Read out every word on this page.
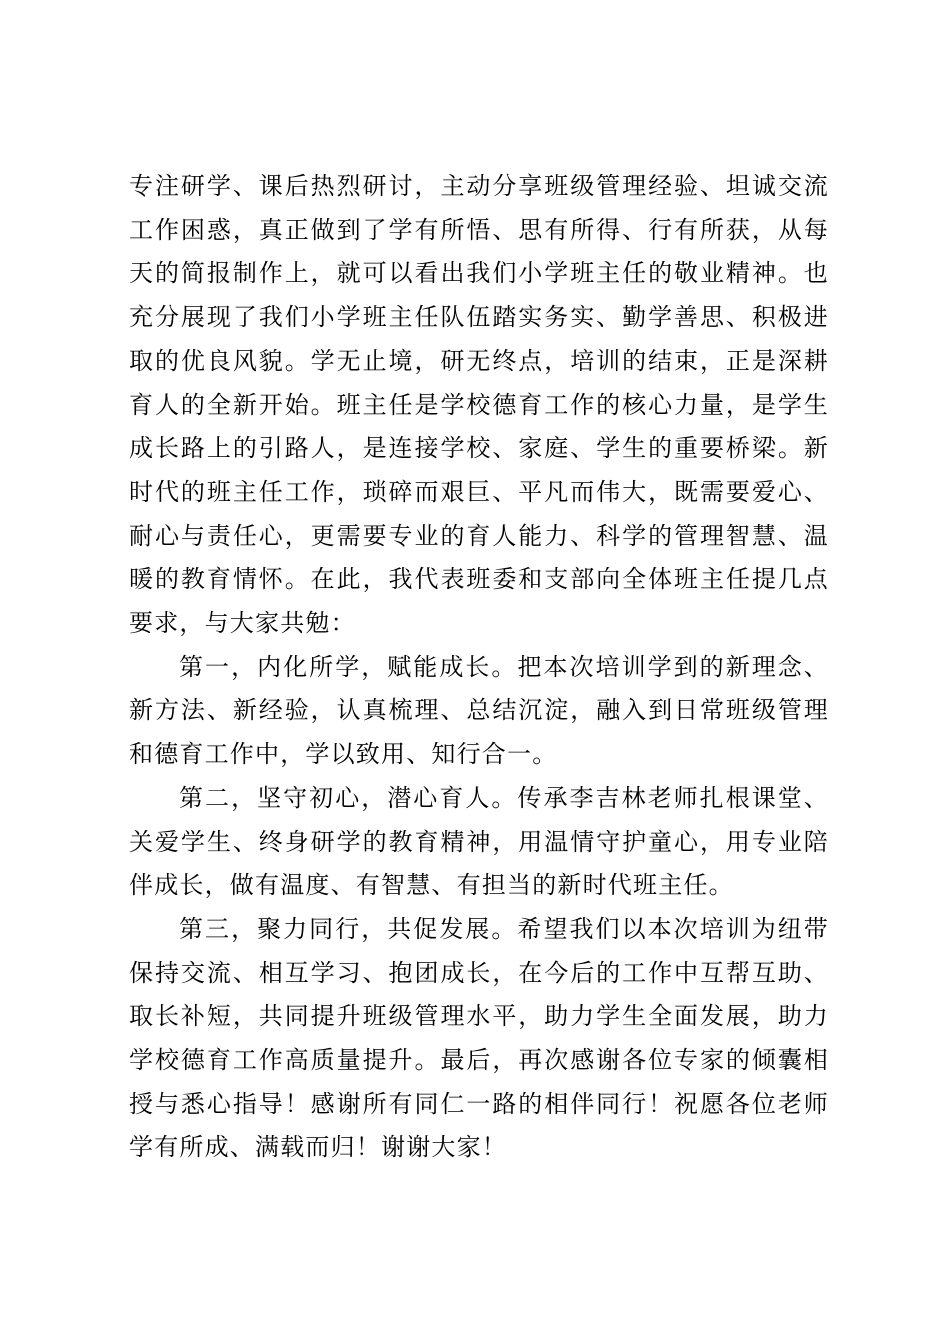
专注研学、课后热烈研讨，主动分享班级管理经验、坦诚交流工作困惑，真正做到了学有所悟、思有所得、行有所获，从每天的简报制作上，就可以看出我们小学班主任的敬业精神。也充分展现了我们小学班主任队伍踏实务实、勤学善思、积极进取的优良风貌。学无止境，研无终点，培训的结束，正是深耕育人的全新开始。班主任是学校德育工作的核心力量，是学生成长路上的引路人，是连接学校、家庭、学生的重要桥梁。新时代的班主任工作，琐碎而艰巨、平凡而伟大，既需要爱心、耐心与责任心，更需要专业的育人能力、科学的管理智慧、温暖的教育情怀。在此，我代表班委和支部向全体班主任提几点要求，与大家共勉：

第一，内化所学，赋能成长。把本次培训学到的新理念、新方法、新经验，认真梳理、总结沉淀，融入到日常班级管理和德育工作中，学以致用、知行合一。

第二，坚守初心，潜心育人。传承李吉林老师扎根课堂、关爱学生、终身研学的教育精神，用温情守护童心，用专业陪伴成长，做有温度、有智慧、有担当的新时代班主任。

第三，聚力同行，共促发展。希望我们以本次培训为纽带保持交流、相互学习、抱团成长，在今后的工作中互帮互助、取长补短，共同提升班级管理水平，助力学生全面发展，助力学校德育工作高质量提升。最后，再次感谢各位专家的倾囊相授与悉心指导！感谢所有同仁一路的相伴同行！祝愿各位老师学有所成、满载而归！谢谢大家！
